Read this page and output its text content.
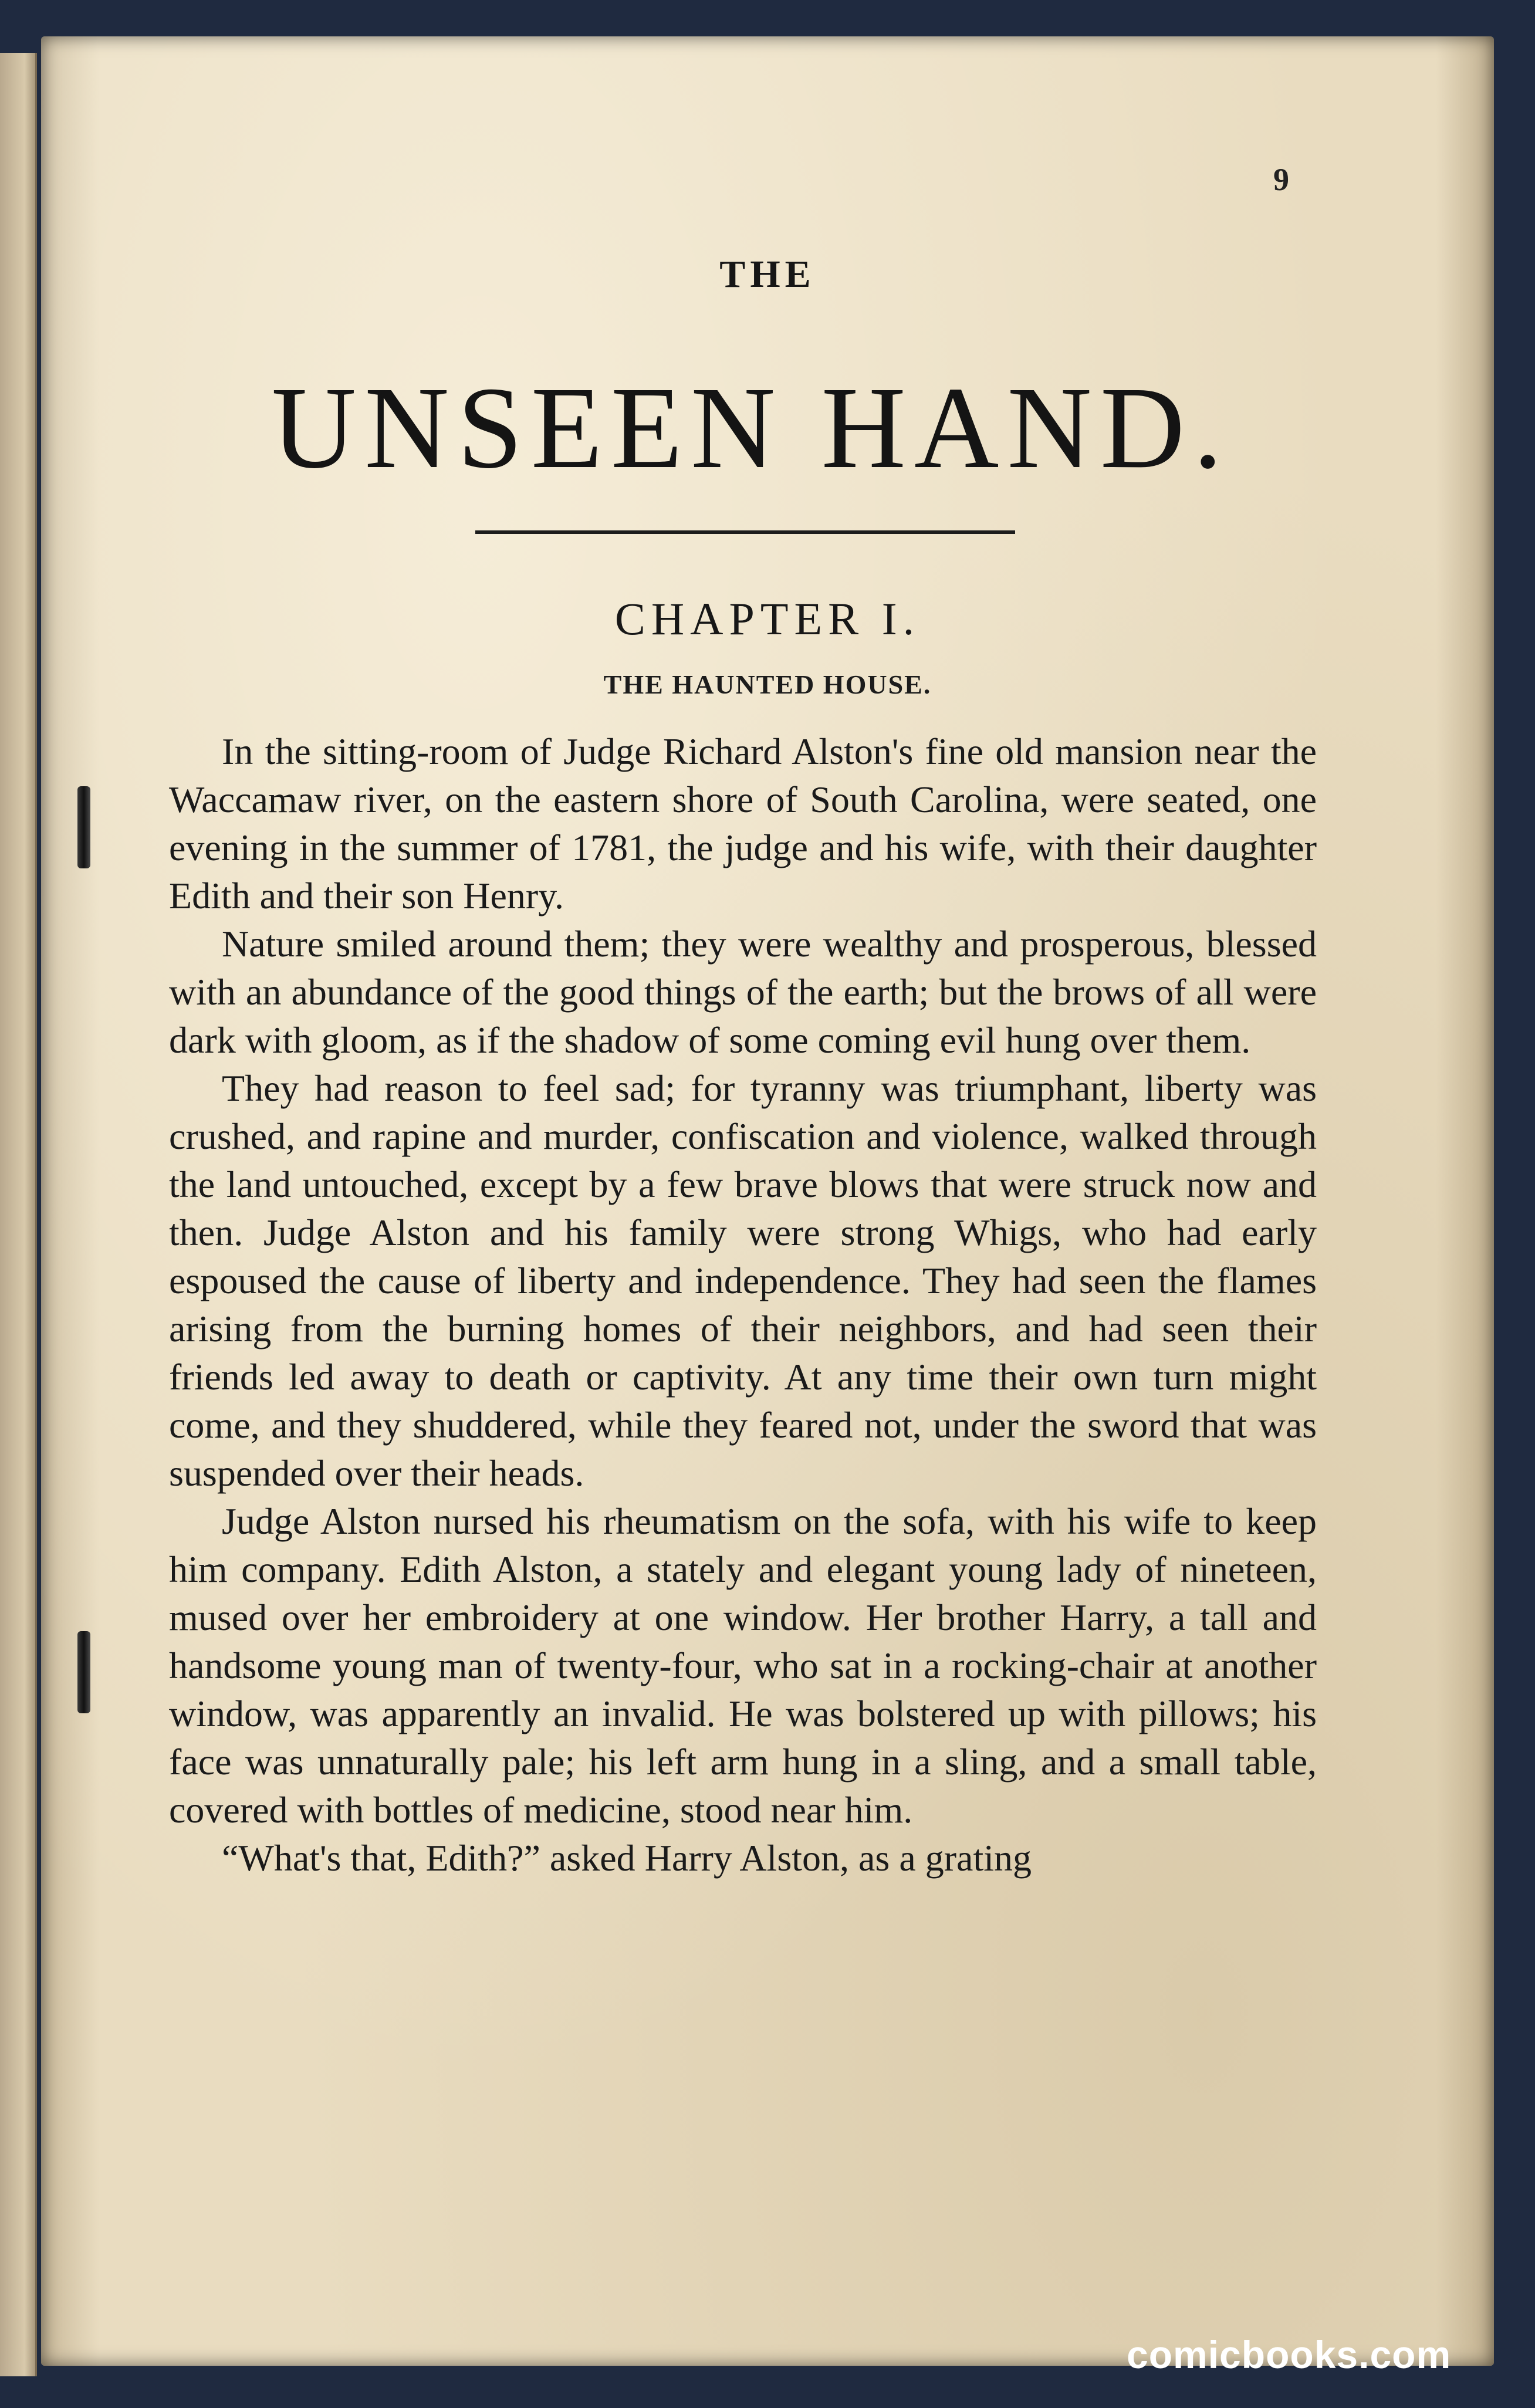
9

THE
UNSEEN HAND.
CHAPTER I.
THE HAUNTED HOUSE.

In the sitting-room of Judge Richard Alston's fine old mansion near the Waccamaw river, on the eastern shore of South Carolina, were seated, one evening in the summer of 1781, the judge and his wife, with their daughter Edith and their son Henry.

Nature smiled around them; they were wealthy and prosperous, blessed with an abundance of the good things of the earth; but the brows of all were dark with gloom, as if the shadow of some coming evil hung over them.

They had reason to feel sad; for tyranny was triumphant, liberty was crushed, and rapine and murder, confiscation and violence, walked through the land untouched, except by a few brave blows that were struck now and then. Judge Alston and his family were strong Whigs, who had early espoused the cause of liberty and independence. They had seen the flames arising from the burning homes of their neighbors, and had seen their friends led away to death or captivity. At any time their own turn might come, and they shuddered, while they feared not, under the sword that was suspended over their heads.

Judge Alston nursed his rheumatism on the sofa, with his wife to keep him company. Edith Alston, a stately and elegant young lady of nineteen, mused over her embroidery at one window. Her brother Harry, a tall and handsome young man of twenty-four, who sat in a rocking-chair at another window, was apparently an invalid. He was bolstered up with pillows; his face was unnaturally pale; his left arm hung in a sling, and a small table, covered with bottles of medicine, stood near him.

“What's that, Edith?” asked Harry Alston, as a grating

comicbooks.com
